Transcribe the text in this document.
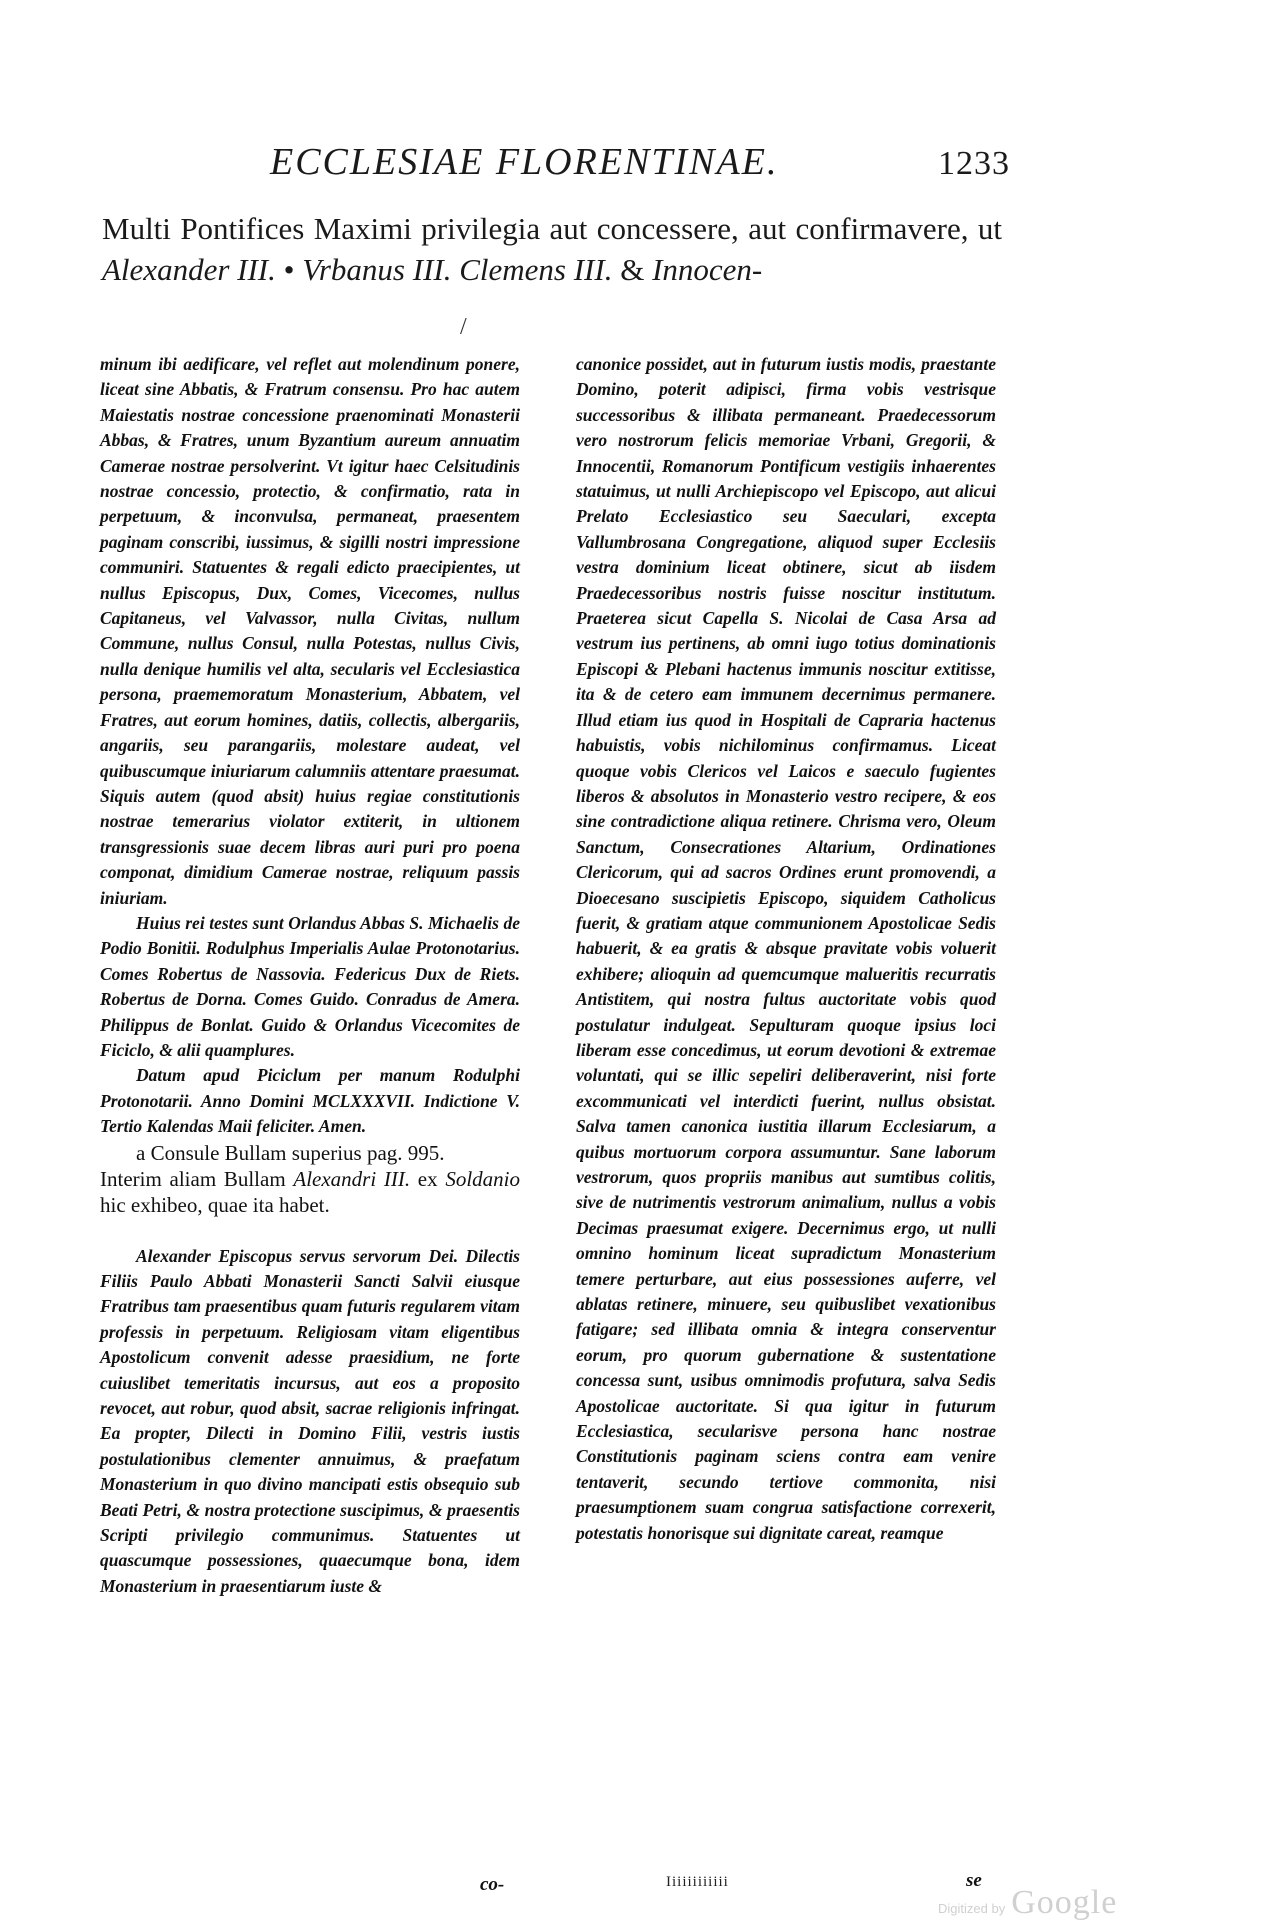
ECCLESIAE FLORENTINAE.	1233
Multi Pontifices Maximi privilegia aut concessere, aut confirmavere, ut Alexander III. • Vrbanus III. Clemens III. & Innocen-
/

minum ibi aedificare, vel reflet aut molendinum ponere, liceat sine Abbatis, & Fratrum consensu. Pro hac autem Maiestatis nostrae concessione praenominati Monasterii Abbas, & Fratres, unum Byzantium aureum annuatim Camerae nostrae persolverint. Vt igitur haec Celsitudinis nostrae concessio, protectio, & confirmatio, rata in perpetuum, & inconvulsa, permaneat, praesentem paginam conscribi, iussimus, & sigilli nostri impressione communiri. Statuentes & regali edicto praecipientes, ut nullus Episcopus, Dux, Comes, Vicecomes, nullus Capitaneus, vel Valvassor, nulla Civitas, nullum Commune, nullus Consul, nulla Potestas, nullus Civis, nulla denique humilis vel alta, secularis vel Ecclesiastica persona, praememoratum Monasterium, Abbatem, vel Fratres, aut eorum homines, datiis, collectis, albergariis, angariis, seu parangariis, molestare audeat, vel quibuscumque iniuriarum calumniis attentare praesumat. Siquis autem (quod absit) huius regiae constitutionis nostrae temerarius violator extiterit, in ultionem transgressionis suae decem libras auri puri pro poena componat, dimidium Camerae nostrae, reliquum passis iniuriam.

Huius rei testes sunt Orlandus Abbas S. Michaelis de Podio Bonitii. Rodulphus Imperialis Aulae Protonotarius. Comes Robertus de Nassovia. Federicus Dux de Riets. Robertus de Dorna. Comes Guido. Conradus de Amera. Philippus de Bonlat. Guido & Orlandus Vicecomites de Ficiclo, & alii quamplures.

Datum apud Piciclum per manum Rodulphi Protonotarii. Anno Domini MCLXXXVII. Indictione V. Tertio Kalendas Maii feliciter. Amen.

a Consule Bullam superius pag. 995.

Interim aliam Bullam Alexandri III. ex Soldanio hic exhibeo, quae ita habet.

Alexander Episcopus servus servorum Dei. Dilectis Filiis Paulo Abbati Monasterii Sancti Salvii eiusque Fratribus tam praesentibus quam futuris regularem vitam professis in perpetuum. Religiosam vitam eligentibus Apostolicum convenit adesse praesidium, ne forte cuiuslibet temeritatis incursus, aut eos a proposito revocet, aut robur, quod absit, sacrae religionis infringat. Ea propter, Dilecti in Domino Filii, vestris iustis postulationibus clementer annuimus, & praefatum Monasterium in quo divino mancipati estis obsequio sub Beati Petri, & nostra protectione suscipimus, & praesentis Scripti privilegio communimus. Statuentes ut quascumque possessiones, quaecumque bona, idem Monasterium in praesentiarum iuste &

canonice possidet, aut in futurum iustis modis, praestante Domino, poterit adipisci, firma vobis vestrisque successoribus & illibata permaneant. Praedecessorum vero nostrorum felicis memoriae Vrbani, Gregorii, & Innocentii, Romanorum Pontificum vestigiis inhaerentes statuimus, ut nulli Archiepiscopo vel Episcopo, aut alicui Prelato Ecclesiastico seu Saeculari, excepta Vallumbrosana Congregatione, aliquod super Ecclesiis vestra dominium liceat obtinere, sicut ab iisdem Praedecessoribus nostris fuisse noscitur institutum. Praeterea sicut Capella S. Nicolai de Casa Arsa ad vestrum ius pertinens, ab omni iugo totius dominationis Episcopi & Plebani hactenus immunis noscitur extitisse, ita & de cetero eam immunem decernimus permanere. Illud etiam ius quod in Hospitali de Capraria hactenus habuistis, vobis nichilominus confirmamus. Liceat quoque vobis Clericos vel Laicos e saeculo fugientes liberos & absolutos in Monasterio vestro recipere, & eos sine contradictione aliqua retinere. Chrisma vero, Oleum Sanctum, Consecrationes Altarium, Ordinationes Clericorum, qui ad sacros Ordines erunt promovendi, a Dioecesano suscipietis Episcopo, siquidem Catholicus fuerit, & gratiam atque communionem Apostolicae Sedis habuerit, & ea gratis & absque pravitate vobis voluerit exhibere; alioquin ad quemcumque malueritis recurratis Antistitem, qui nostra fultus auctoritate vobis quod postulatur indulgeat. Sepulturam quoque ipsius loci liberam esse concedimus, ut eorum devotioni & extremae voluntati, qui se illic sepeliri deliberaverint, nisi forte excommunicati vel interdicti fuerint, nullus obsistat. Salva tamen canonica iustitia illarum Ecclesiarum, a quibus mortuorum corpora assumuntur. Sane laborum vestrorum, quos propriis manibus aut sumtibus colitis, sive de nutrimentis vestrorum animalium, nullus a vobis Decimas praesumat exigere. Decernimus ergo, ut nulli omnino hominum liceat supradictum Monasterium temere perturbare, aut eius possessiones auferre, vel ablatas retinere, minuere, seu quibuslibet vexationibus fatigare; sed illibata omnia & integra conserventur eorum, pro quorum gubernatione & sustentatione concessa sunt, usibus omnimodis profutura, salva Sedis Apostolicae auctoritate. Si qua igitur in futurum Ecclesiastica, secularisve persona hanc nostrae Constitutionis paginam sciens contra eam venire tentaverit, secundo tertiove commonita, nisi praesumptionem suam congrua satisfactione correxerit, potestatis honorisque sui dignitate careat, reamque

co-	Iiiiiiiiiiii	se
Digitized by Google
